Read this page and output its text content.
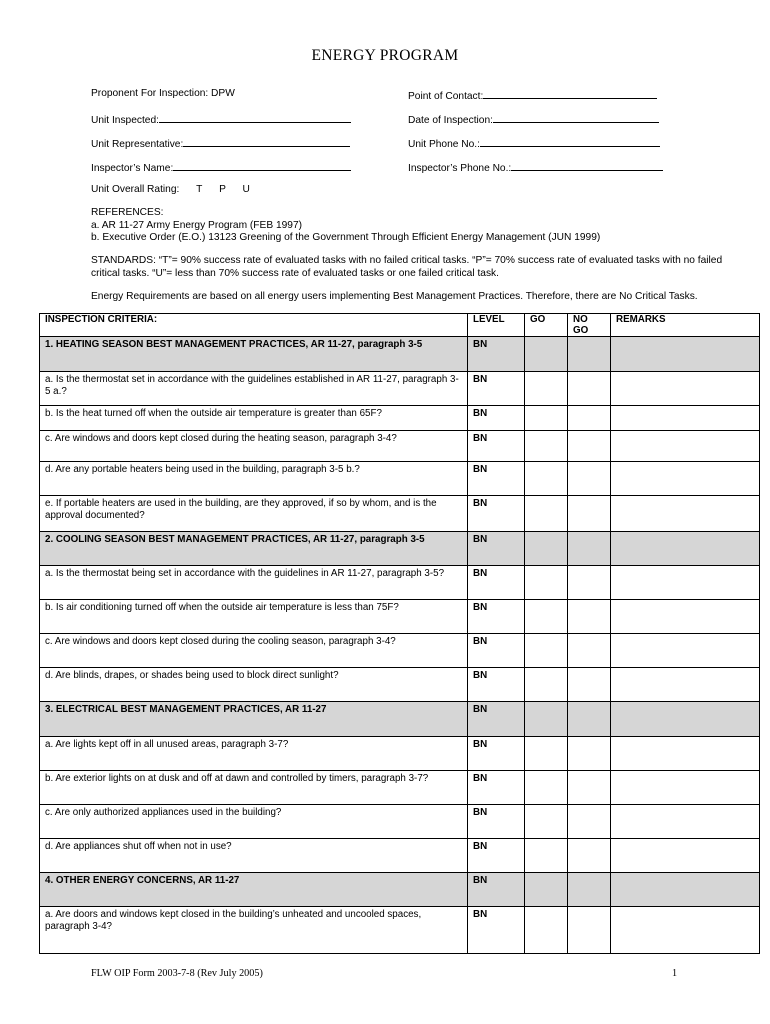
ENERGY PROGRAM
Proponent For Inspection: DPW	Point of Contact:
Unit Inspected:	Date of Inspection:
Unit Representative:	Unit Phone No.:
Inspector’s Name:	Inspector’s Phone No.:
Unit Overall Rating: T P U
REFERENCES:
a. AR 11-27 Army Energy Program (FEB 1997)
b. Executive Order (E.O.) 13123 Greening of the Government Through Efficient Energy Management (JUN 1999)
STANDARDS: “T”= 90% success rate of evaluated tasks with no failed critical tasks. “P”= 70% success rate of evaluated tasks with no failed critical tasks. “U”= less than 70% success rate of evaluated tasks or one failed critical task.
Energy Requirements are based on all energy users implementing Best Management Practices. Therefore, there are No Critical Tasks.
INSPECTION CRITERIA:	LEVEL	GO	NO GO	REMARKS
1. HEATING SEASON BEST MANAGEMENT PRACTICES, AR 11-27, paragraph 3-5	BN			
a. Is the thermostat set in accordance with the guidelines established in AR 11-27, paragraph 3-5 a.?	BN			
b. Is the heat turned off when the outside air temperature is greater than 65F?	BN			
c. Are windows and doors kept closed during the heating season, paragraph 3-4?	BN			
d. Are any portable heaters being used in the building, paragraph 3-5 b.?	BN			
e. If portable heaters are used in the building, are they approved, if so by whom, and is the approval documented?	BN			
2. COOLING SEASON BEST MANAGEMENT PRACTICES, AR 11-27, paragraph 3-5	BN			
a. Is the thermostat being set in accordance with the guidelines in AR 11-27, paragraph 3-5?	BN			
b. Is air conditioning turned off when the outside air temperature is less than 75F?	BN			
c. Are windows and doors kept closed during the cooling season, paragraph 3-4?	BN			
d. Are blinds, drapes, or shades being used to block direct sunlight?	BN			
3. ELECTRICAL BEST MANAGEMENT PRACTICES, AR 11-27	BN			
a. Are lights kept off in all unused areas, paragraph 3-7?	BN			
b. Are exterior lights on at dusk and off at dawn and controlled by timers, paragraph 3-7?	BN			
c. Are only authorized appliances used in the building?	BN			
d. Are appliances shut off when not in use?	BN			
4. OTHER ENERGY CONCERNS, AR 11-27	BN			
a. Are doors and windows kept closed in the building’s unheated and uncooled spaces, paragraph 3-4?	BN			
FLW OIP Form 2003-7-8 (Rev July 2005)	1
